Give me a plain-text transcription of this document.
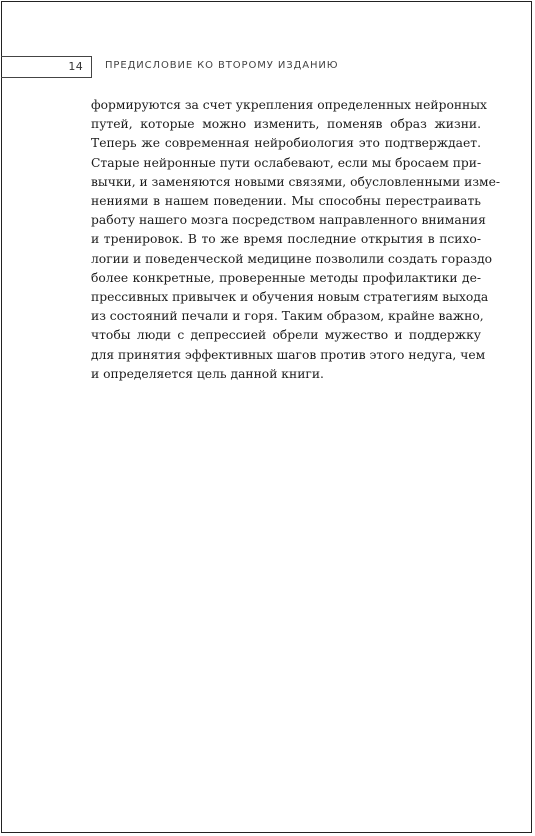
14 ПРЕДИСЛОВИЕ КО ВТОРОМУ ИЗДАНИЮ
формируются за счет укрепления определенных нейронных
путей, которые можно изменить, поменяв образ жизни.
Теперь же современная нейробиология это подтверждает.
Старые нейронные пути ослабевают, если мы бросаем при-
вычки, и заменяются новыми связями, обусловленными изме-
нениями в нашем поведении. Мы способны перестраивать
работу нашего мозга посредством направленного внимания
и тренировок. В то же время последние открытия в психо-
логии и поведенческой медицине позволили создать гораздо
более конкретные, проверенные методы профилактики де-
прессивных привычек и обучения новым стратегиям выхода
из состояний печали и горя. Таким образом, крайне важно,
чтобы люди с депрессией обрели мужество и поддержку
для принятия эффективных шагов против этого недуга, чем
и определяется цель данной книги.
